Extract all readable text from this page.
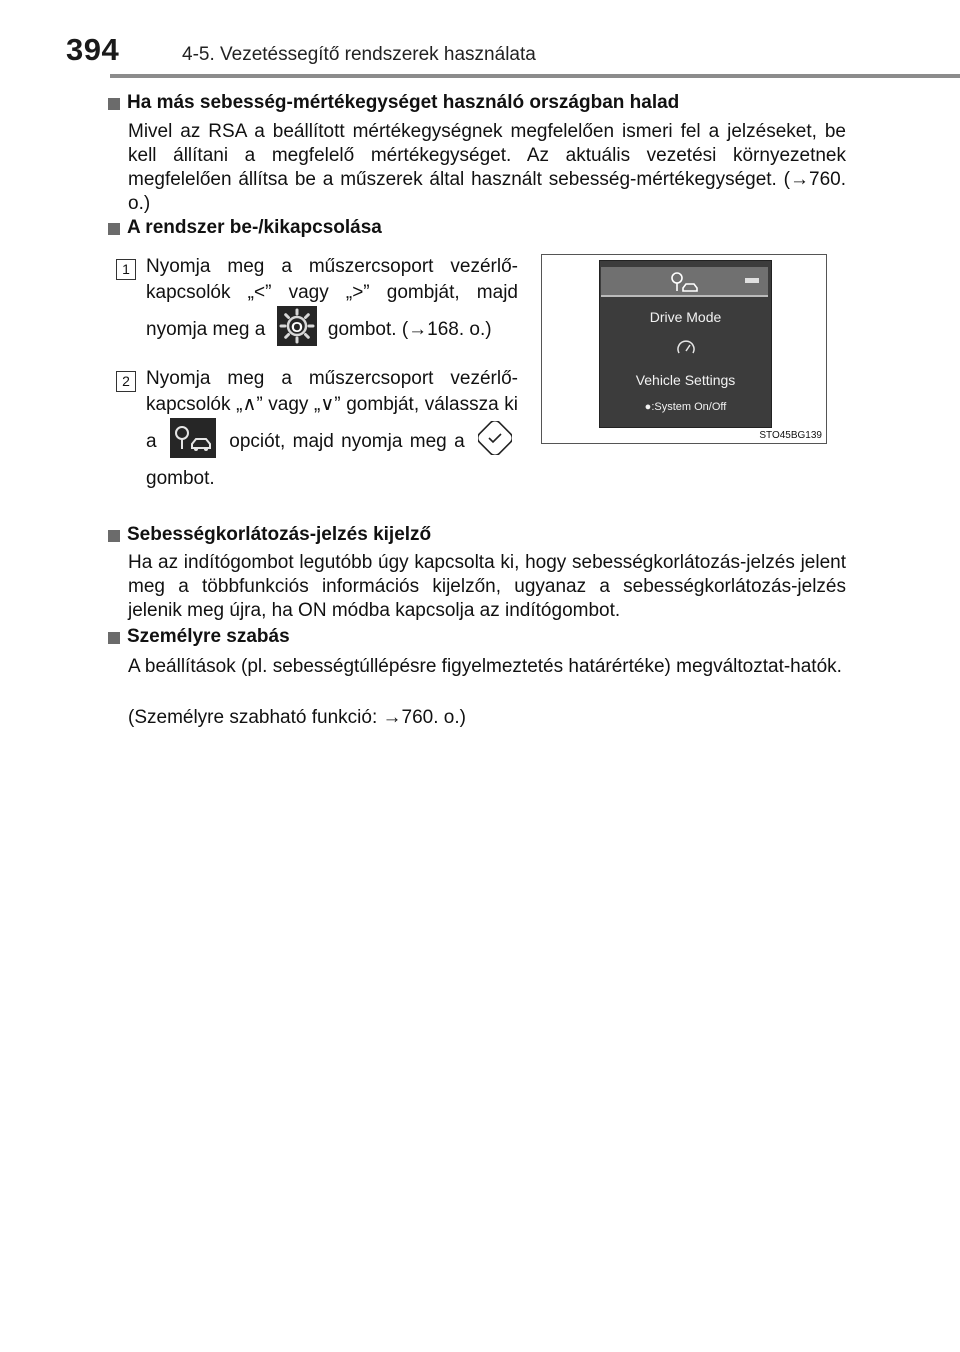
394	4-5. Vezetéssegítő rendszerek használata
Ha más sebesség-mértékegységet használó országban halad
Mivel az RSA a beállított mértékegységnek megfelelően ismeri fel a jelzéseket, be kell állítani a megfelelő mértékegységet. Az aktuális vezetési környezetnek megfelelően állítsa be a műszerek által használt sebesség-mértékegységet. (→760. o.)
A rendszer be-/kikapcsolása
1 Nyomja meg a műszercsoport vezérlő-kapcsolók „<” vagy „>” gombját, majd nyomja meg a O gombot. (→168. o.)
2 Nyomja meg a műszercsoport vezérlő-kapcsolók „∧” vagy „∨” gombját, válassza ki a	opciót, majd nyomja meg a  gombot.
Drive Mode
Vehicle Settings
●:System On/Off
STO45BG139
Sebességkorlátozás-jelzés kijelző
Ha az indítógombot legutóbb úgy kapcsolta ki, hogy sebességkorlátozás-jelzés jelent meg a többfunkciós információs kijelzőn, ugyanaz a sebességkorlátozás-jelzés jelenik meg újra, ha ON módba kapcsolja az indítógombot.
Személyre szabás
A beállítások (pl. sebességtúllépésre figyelmeztetés határértéke) megváltoztat-hatók.
(Személyre szabható funkció: →760. o.)
